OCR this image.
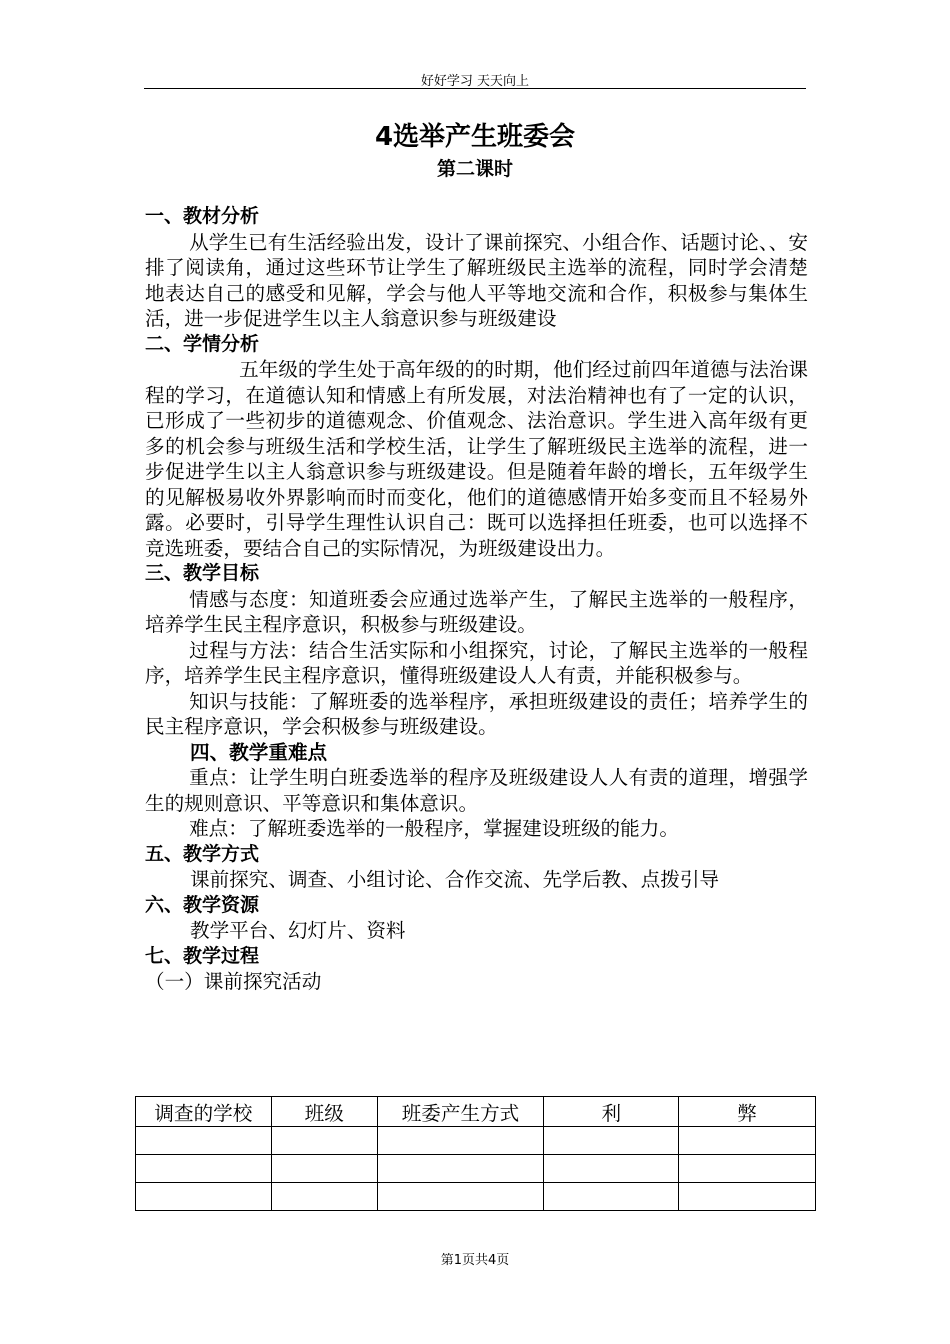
好好学习 天天向上
4选举产生班委会
第二课时

一、教材分析

从学生已有生活经验出发，设计了课前探究、小组合作、话题讨论、、安排了阅读角，通过这些环节让学生了解班级民主选举的流程，同时学会清楚地表达自己的感受和见解，学会与他人平等地交流和合作，积极参与集体生活，进一步促进学生以主人翁意识参与班级建设

二、学情分析

五年级的学生处于高年级的的时期，他们经过前四年道德与法治课程的学习，在道德认知和情感上有所发展，对法治精神也有了一定的认识，已形成了一些初步的道德观念、价值观念、法治意识。学生进入高年级有更多的机会参与班级生活和学校生活，让学生了解班级民主选举的流程，进一步促进学生以主人翁意识参与班级建设。但是随着年龄的增长，五年级学生的见解极易收外界影响而时而变化，他们的道德感情开始多变而且不轻易外露。必要时，引导学生理性认识自己：既可以选择担任班委，也可以选择不竞选班委，要结合自己的实际情况，为班级建设出力。

三、教学目标

情感与态度：知道班委会应通过选举产生，了解民主选举的一般程序，培养学生民主程序意识，积极参与班级建设。

过程与方法：结合生活实际和小组探究，讨论，了解民主选举的一般程序，培养学生民主程序意识，懂得班级建设人人有责，并能积极参与。

知识与技能：了解班委的选举程序，承担班级建设的责任；培养学生的民主程序意识，学会积极参与班级建设。

四、教学重难点

重点：让学生明白班委选举的程序及班级建设人人有责的道理，增强学生的规则意识、平等意识和集体意识。

难点：了解班委选举的一般程序，掌握建设班级的能力。

五、教学方式

课前探究、调查、小组讨论、合作交流、先学后教、点拨引导

六、教学资源

教学平台、幻灯片、资料

七、教学过程

（一）课前探究活动

调查的学校	班级	班委产生方式	利	弊

第1页共4页
